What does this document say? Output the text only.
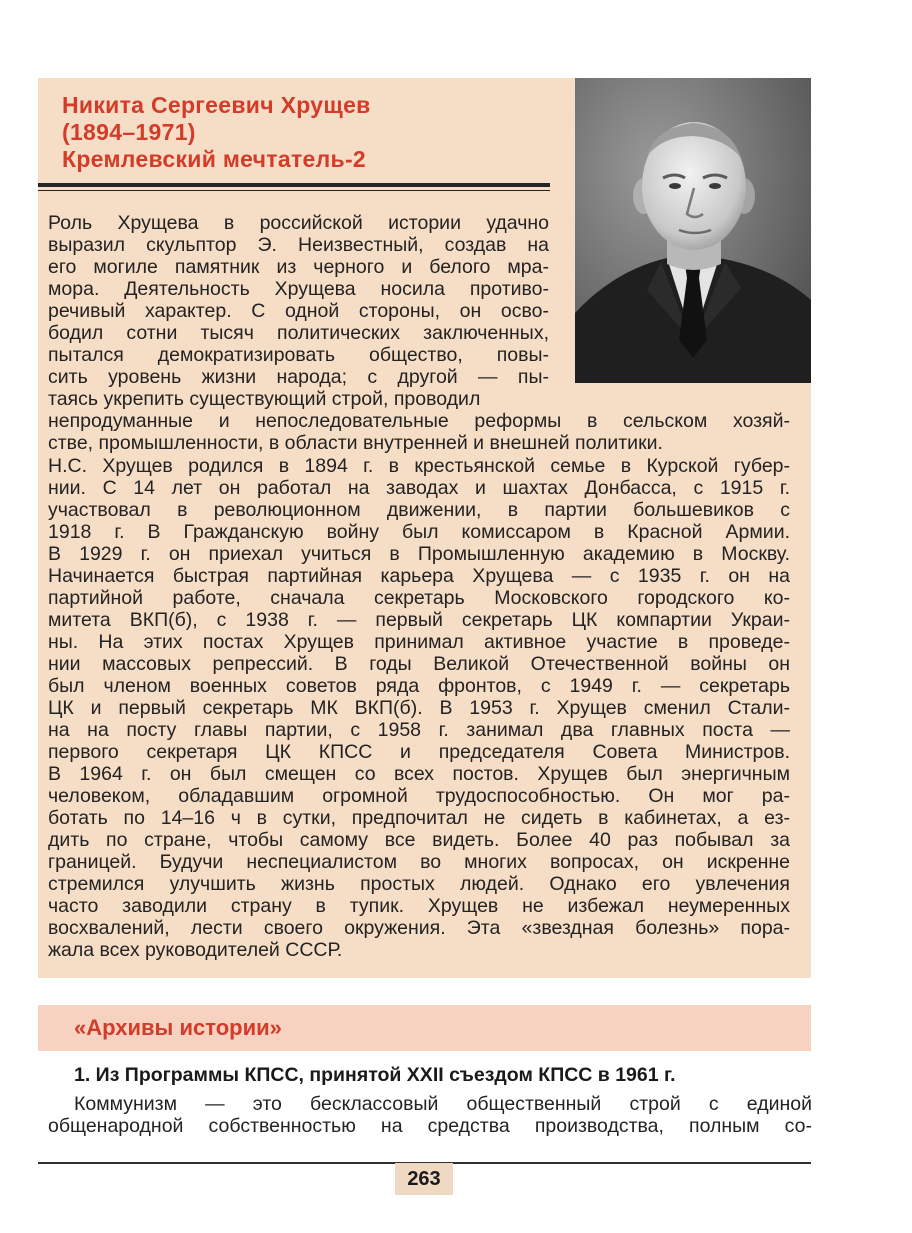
Никита Сергеевич Хрущев
(1894–1971)
Кремлевский мечтатель-2
Роль Хрущева в российской истории удачно
выразил скульптор Э. Неизвестный, создав на
его могиле памятник из черного и белого мра-
мора. Деятельность Хрущева носила противо-
речивый характер. С одной стороны, он осво-
бодил сотни тысяч политических заключенных,
пытался демократизировать общество, повы-
сить уровень жизни народа; с другой — пы-
таясь укрепить существующий строй, проводил
непродуманные и непоследовательные реформы в сельском хозяй-
стве, промышленности, в области внутренней и внешней политики.
Н.С. Хрущев родился в 1894 г. в крестьянской семье в Курской губер-
нии. С 14 лет он работал на заводах и шахтах Донбасса, с 1915 г.
участвовал в революционном движении, в партии большевиков с
1918 г. В Гражданскую войну был комиссаром в Красной Армии.
В 1929 г. он приехал учиться в Промышленную академию в Москву.
Начинается быстрая партийная карьера Хрущева — с 1935 г. он на
партийной работе, сначала секретарь Московского городского ко-
митета ВКП(б), с 1938 г. — первый секретарь ЦК компартии Украи-
ны. На этих постах Хрущев принимал активное участие в проведе-
нии массовых репрессий. В годы Великой Отечественной войны он
был членом военных советов ряда фронтов, с 1949 г. — секретарь
ЦК и первый секретарь МК ВКП(б). В 1953 г. Хрущев сменил Стали-
на на посту главы партии, с 1958 г. занимал два главных поста —
первого секретаря ЦК КПСС и председателя Совета Министров.
В 1964 г. он был смещен со всех постов. Хрущев был энергичным
человеком, обладавшим огромной трудоспособностью. Он мог ра-
ботать по 14–16 ч в сутки, предпочитал не сидеть в кабинетах, а ез-
дить по стране, чтобы самому все видеть. Более 40 раз побывал за
границей. Будучи неспециалистом во многих вопросах, он искренне
стремился улучшить жизнь простых людей. Однако его увлечения
часто заводили страну в тупик. Хрущев не избежал неумеренных
восхвалений, лести своего окружения. Эта «звездная болезнь» пора-
жала всех руководителей СССР.
«Архивы истории»
1. Из Программы КПСС, принятой XXII съездом КПСС в 1961 г.
Коммунизм — это бесклассовый общественный строй с единой
общенародной собственностью на средства производства, полным со-
263
